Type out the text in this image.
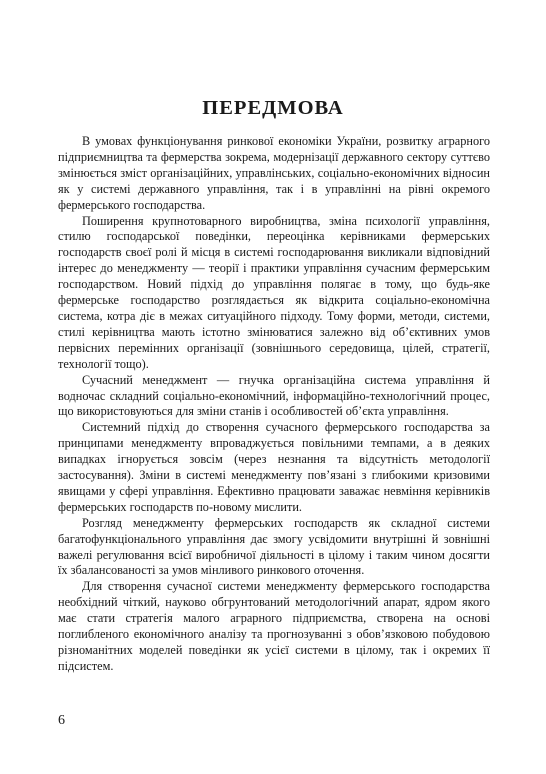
ПЕРЕДМОВА

В умовах функціонування ринкової економіки України, розвитку аграрного підприємництва та фермерства зокрема, модернізації державного сектору суттєво змінюється зміст організаційних, управлінських, соціально-економічних відносин як у системі державного управління, так і в управлінні на рівні окремого фермерського господарства.

Поширення крупнотоварного виробництва, зміна психології управління, стилю господарської поведінки, переоцінка керівниками фермерських господарств своєї ролі й місця в системі господарювання викликали відповідний інтерес до менеджменту — теорії і практики управління сучасним фермерським господарством. Новий підхід до управління полягає в тому, що будь-яке фермерське господарство розглядається як відкрита соціально-економічна система, котра діє в межах ситуаційного підходу. Тому форми, методи, системи, стилі керівництва мають істотно змінюватися залежно від об’єктивних умов первісних перемінних організації (зовнішнього середовища, цілей, стратегії, технології тощо).

Сучасний менеджмент — гнучка організаційна система управління й водночас складний соціально-економічний, інформаційно-технологічний процес, що використовуються для зміни станів і особливостей об’єкта управління.

Системний підхід до створення сучасного фермерського господарства за принципами менеджменту впроваджується повільними темпами, а в деяких випадках ігнорується зовсім (через незнання та відсутність методології застосування). Зміни в системі менеджменту пов’язані з глибокими кризовими явищами у сфері управління. Ефективно працювати заважає невміння керівників фермерських господарств по-новому мислити.

Розгляд менеджменту фермерських господарств як складної системи багатофункціонального управління дає змогу усвідомити внутрішні й зовнішні важелі регулювання всієї виробничої діяльності в цілому і таким чином досягти їх збалансованості за умов мінливого ринкового оточення.

Для створення сучасної системи менеджменту фермерського господарства необхідний чіткий, науково обгрунтований методологічний апарат, ядром якого має стати стратегія малого аграрного підприємства, створена на основі поглибленого економічного аналізу та прогнозуванні з обов’язковою побудовою різноманітних моделей поведінки як усієї системи в цілому, так і окремих її підсистем.

6
